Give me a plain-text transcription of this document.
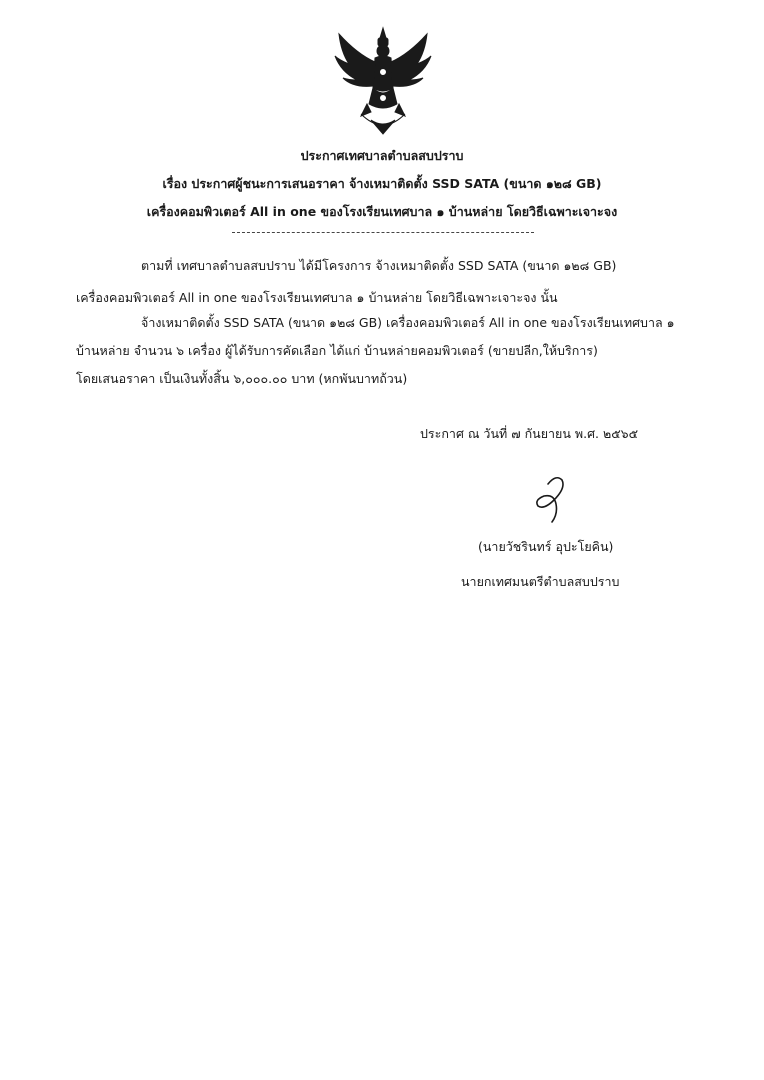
ประกาศเทศบาลตำบลสบปราบ
เรื่อง ประกาศผู้ชนะการเสนอราคา จ้างเหมาติดตั้ง SSD SATA (ขนาด ๑๒๘ GB)
เครื่องคอมพิวเตอร์ All in one ของโรงเรียนเทศบาล ๑ บ้านหล่าย โดยวิธีเฉพาะเจาะจง
ตามที่ เทศบาลตำบลสบปราบ ได้มีโครงการ จ้างเหมาติดตั้ง SSD SATA (ขนาด ๑๒๘ GB)
เครื่องคอมพิวเตอร์ All in one ของโรงเรียนเทศบาล ๑ บ้านหล่าย โดยวิธีเฉพาะเจาะจง นั้น
จ้างเหมาติดตั้ง SSD SATA (ขนาด ๑๒๘ GB) เครื่องคอมพิวเตอร์ All in one ของโรงเรียนเทศบาล ๑
บ้านหล่าย จำนวน ๖ เครื่อง ผู้ได้รับการคัดเลือก ได้แก่ บ้านหล่ายคอมพิวเตอร์ (ขายปลีก,ให้บริการ)
โดยเสนอราคา เป็นเงินทั้งสิ้น ๖,๐๐๐.๐๐ บาท (หกพันบาทถ้วน)
ประกาศ ณ วันที่ ๗ กันยายน พ.ศ. ๒๕๖๕
(นายวัชรินทร์ อุปะโยคิน)
นายกเทศมนตรีตำบลสบปราบ
